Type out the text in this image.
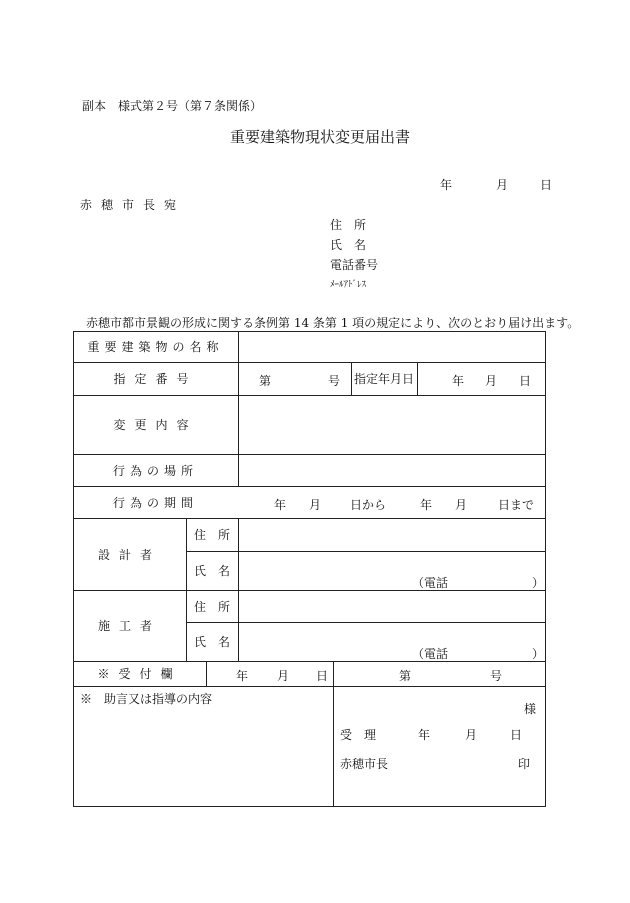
副本　様式第２号（第７条関係）
重要建築物現状変更届出書
年	月	日
赤穂市長宛
住　所
氏　名
電話番号
ﾒｰﾙｱﾄﾞﾚｽ
赤穂市都市景観の形成に関する条例第 14 条第 1 項の規定により、次のとおり届け出ます。
重要建築物の名称
指定番号	第	号 指定年月日	年 月 日
変更内容
行為の場所
行為の期間	年 月 日から	年 月	日まで
設計者
住　所
氏　名
（電話	）
施工者
住　所
氏　名
（電話	）
※受付欄	年 月 日	第	号
※　助言又は指導の内容
様
受　理	年	月	日
赤穂市長	印
